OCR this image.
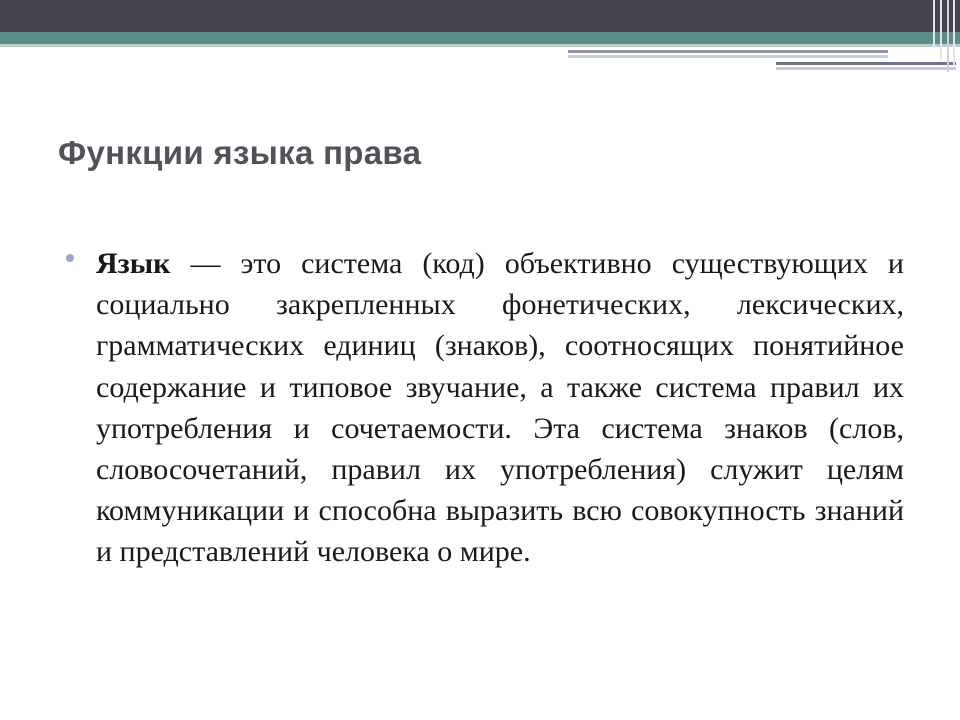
Функции языка права
Язык — это система (код) объективно существующих и социально закрепленных фонетических, лексических, грамматических единиц (знаков), соотносящих понятийное содержание и типовое звучание, а также система правил их употребления и сочетаемости. Эта система знаков (слов, словосочетаний, правил их употребления) служит целям коммуникации и способна выразить всю совокупность знаний и представлений человека о мире.
